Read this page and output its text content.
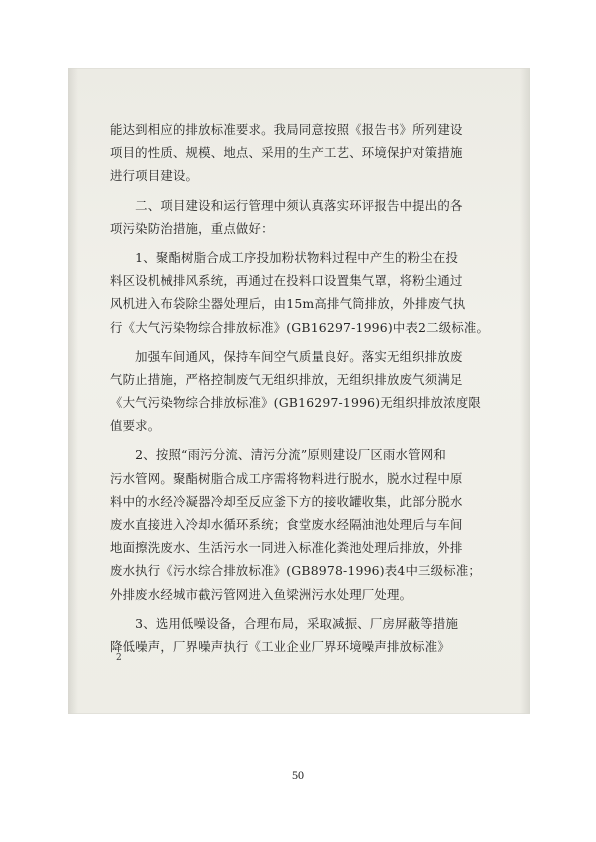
能达到相应的排放标准要求。我局同意按照《报告书》所列建设
项目的性质、规模、地点、采用的生产工艺、环境保护对策措施
进行项目建设。
　　二、项目建设和运行管理中须认真落实环评报告中提出的各
项污染防治措施，重点做好：
　　1、聚酯树脂合成工序投加粉状物料过程中产生的粉尘在投
料区设机械排风系统，再通过在投料口设置集气罩，将粉尘通过
风机进入布袋除尘器处理后，由15m高排气筒排放，外排废气执
行《大气污染物综合排放标准》(GB16297-1996)中表2二级标准。
　　加强车间通风，保持车间空气质量良好。落实无组织排放废
气防止措施，严格控制废气无组织排放，无组织排放废气须满足
《大气污染物综合排放标准》(GB16297-1996)无组织排放浓度限
值要求。
　　2、按照“雨污分流、清污分流”原则建设厂区雨水管网和
污水管网。聚酯树脂合成工序需将物料进行脱水，脱水过程中原
料中的水经冷凝器冷却至反应釜下方的接收罐收集，此部分脱水
废水直接进入冷却水循环系统；食堂废水经隔油池处理后与车间
地面擦洗废水、生活污水一同进入标准化粪池处理后排放，外排
废水执行《污水综合排放标准》(GB8978-1996)表4中三级标准；
外排废水经城市截污管网进入鱼梁洲污水处理厂处理。
　　3、选用低噪设备，合理布局，采取减振、厂房屏蔽等措施
降低噪声，厂界噪声执行《工业企业厂界环境噪声排放标准》
2
50
